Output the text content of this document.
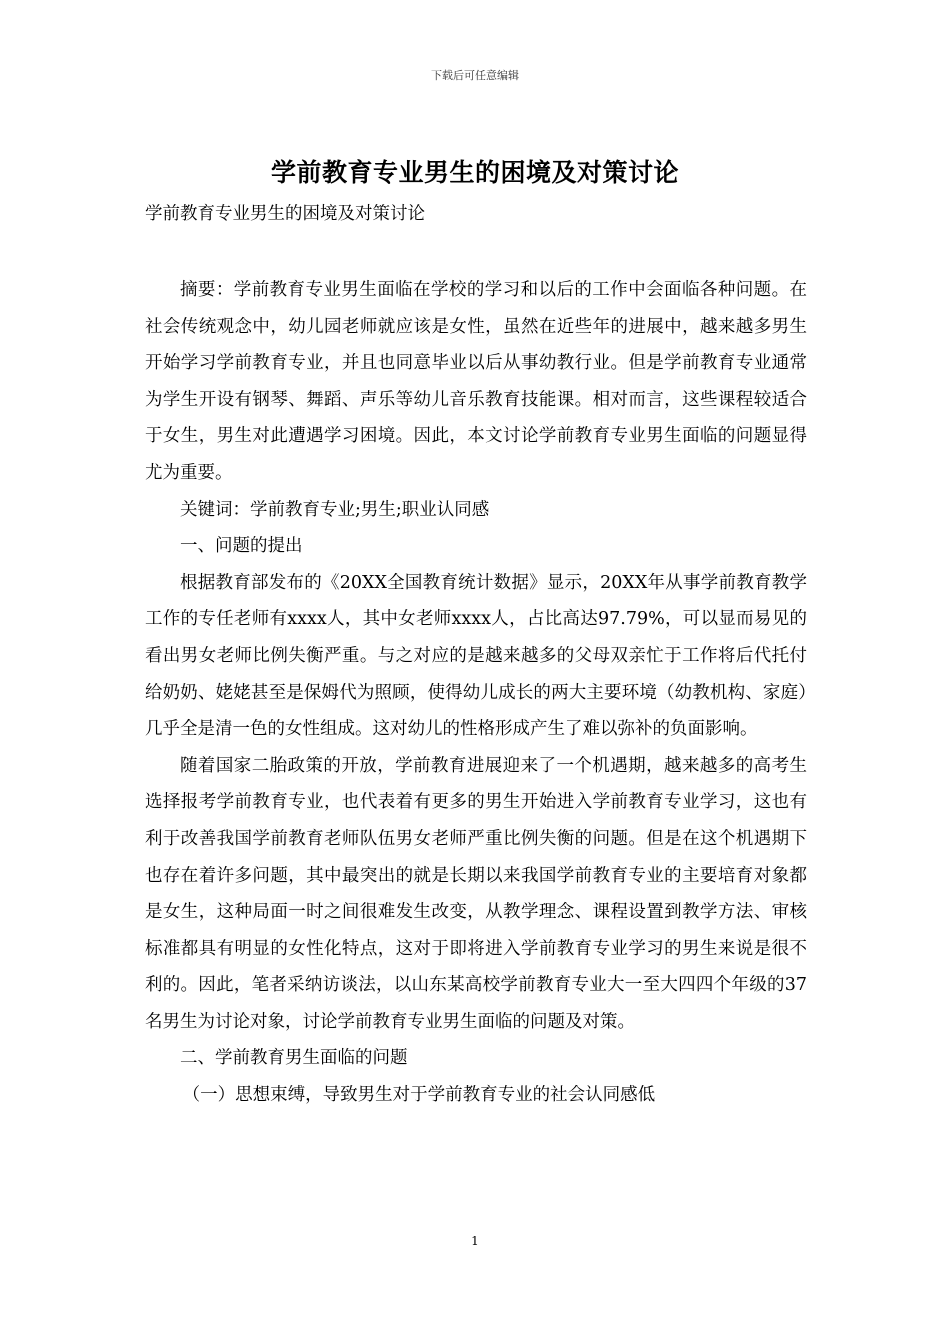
下载后可任意编辑
学前教育专业男生的困境及对策讨论
学前教育专业男生的困境及对策讨论

摘要：学前教育专业男生面临在学校的学习和以后的工作中会面临各种问题。在社会传统观念中，幼儿园老师就应该是女性，虽然在近些年的进展中，越来越多男生开始学习学前教育专业，并且也同意毕业以后从事幼教行业。但是学前教育专业通常为学生开设有钢琴、舞蹈、声乐等幼儿音乐教育技能课。相对而言，这些课程较适合于女生，男生对此遭遇学习困境。因此，本文讨论学前教育专业男生面临的问题显得尤为重要。

关键词：学前教育专业;男生;职业认同感

一、问题的提出

根据教育部发布的《20XX全国教育统计数据》显示，20XX年从事学前教育教学工作的专任老师有xxxx人，其中女老师xxxx人，占比高达97.79%，可以显而易见的看出男女老师比例失衡严重。与之对应的是越来越多的父母双亲忙于工作将后代托付给奶奶、姥姥甚至是保姆代为照顾，使得幼儿成长的两大主要环境（幼教机构、家庭）几乎全是清一色的女性组成。这对幼儿的性格形成产生了难以弥补的负面影响。

随着国家二胎政策的开放，学前教育进展迎来了一个机遇期，越来越多的高考生选择报考学前教育专业，也代表着有更多的男生开始进入学前教育专业学习，这也有利于改善我国学前教育老师队伍男女老师严重比例失衡的问题。但是在这个机遇期下也存在着许多问题，其中最突出的就是长期以来我国学前教育专业的主要培育对象都是女生，这种局面一时之间很难发生改变，从教学理念、课程设置到教学方法、审核标准都具有明显的女性化特点，这对于即将进入学前教育专业学习的男生来说是很不利的。因此，笔者采纳访谈法，以山东某高校学前教育专业大一至大四四个年级的37名男生为讨论对象，讨论学前教育专业男生面临的问题及对策。

二、学前教育男生面临的问题

（一）思想束缚，导致男生对于学前教育专业的社会认同感低

1
